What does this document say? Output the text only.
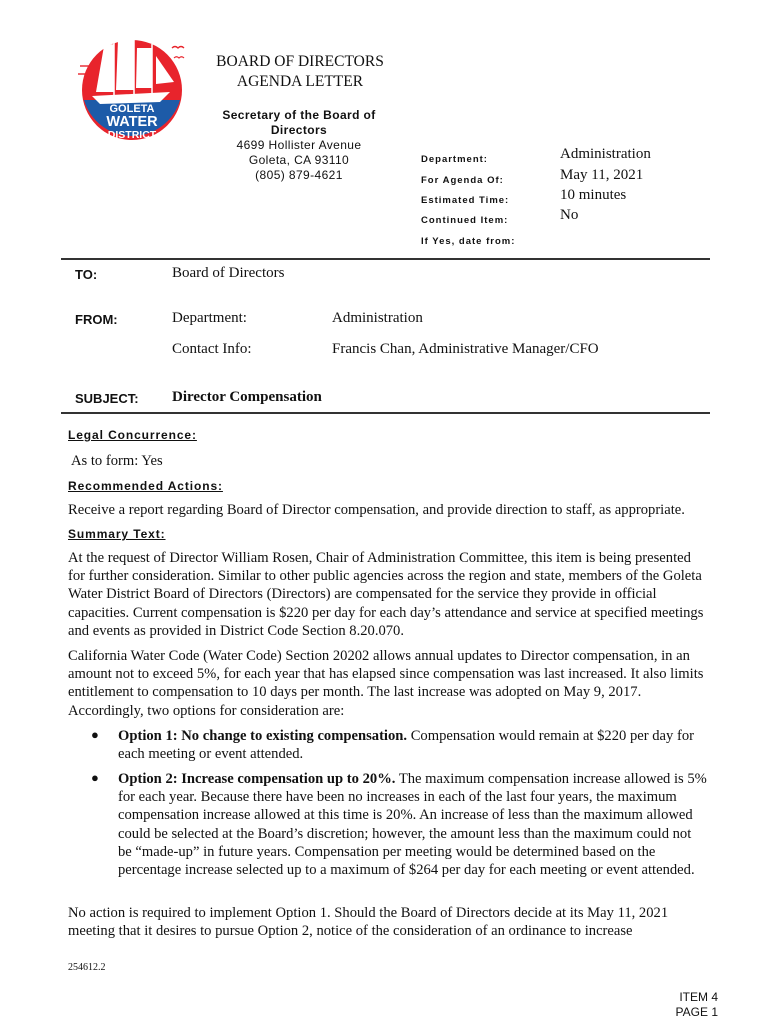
GOLETA
WATER
DISTRICT
BOARD OF DIRECTORS
AGENDA LETTER
Secretary of the Board of
Directors
4699 Hollister Avenue
Goleta, CA 93110
(805) 879-4621
Department:	Administration
For Agenda Of:	May 11, 2021
Estimated Time:	10 minutes
Continued Item:	No
If Yes, date from:
TO:	Board of Directors
FROM:	Department:	Administration
Contact Info:	Francis Chan, Administrative Manager/CFO
SUBJECT: Director Compensation
Legal Concurrence:
As to form: Yes
Recommended Actions:
Receive a report regarding Board of Director compensation, and provide direction to staff, as appropriate.
Summary Text:
At the request of Director William Rosen, Chair of Administration Committee, this item is being presented for further consideration. Similar to other public agencies across the region and state, members of the Goleta Water District Board of Directors (Directors) are compensated for the service they provide in official capacities. Current compensation is $220 per day for each day’s attendance and service at specified meetings and events as provided in District Code Section 8.20.070.
California Water Code (Water Code) Section 20202 allows annual updates to Director compensation, in an amount not to exceed 5%, for each year that has elapsed since compensation was last increased. It also limits entitlement to compensation to 10 days per month. The last increase was adopted on May 9, 2017. Accordingly, two options for consideration are:
● Option 1: No change to existing compensation. Compensation would remain at $220 per day for each meeting or event attended.
● Option 2: Increase compensation up to 20%. The maximum compensation increase allowed is 5% for each year. Because there have been no increases in each of the last four years, the maximum compensation increase allowed at this time is 20%. An increase of less than the maximum allowed could be selected at the Board’s discretion; however, the amount less than the maximum could not be “made-up” in future years. Compensation per meeting would be determined based on the percentage increase selected up to a maximum of $264 per day for each meeting or event attended.
No action is required to implement Option 1. Should the Board of Directors decide at its May 11, 2021 meeting that it desires to pursue Option 2, notice of the consideration of an ordinance to increase
254612.2
ITEM 4
PAGE 1
